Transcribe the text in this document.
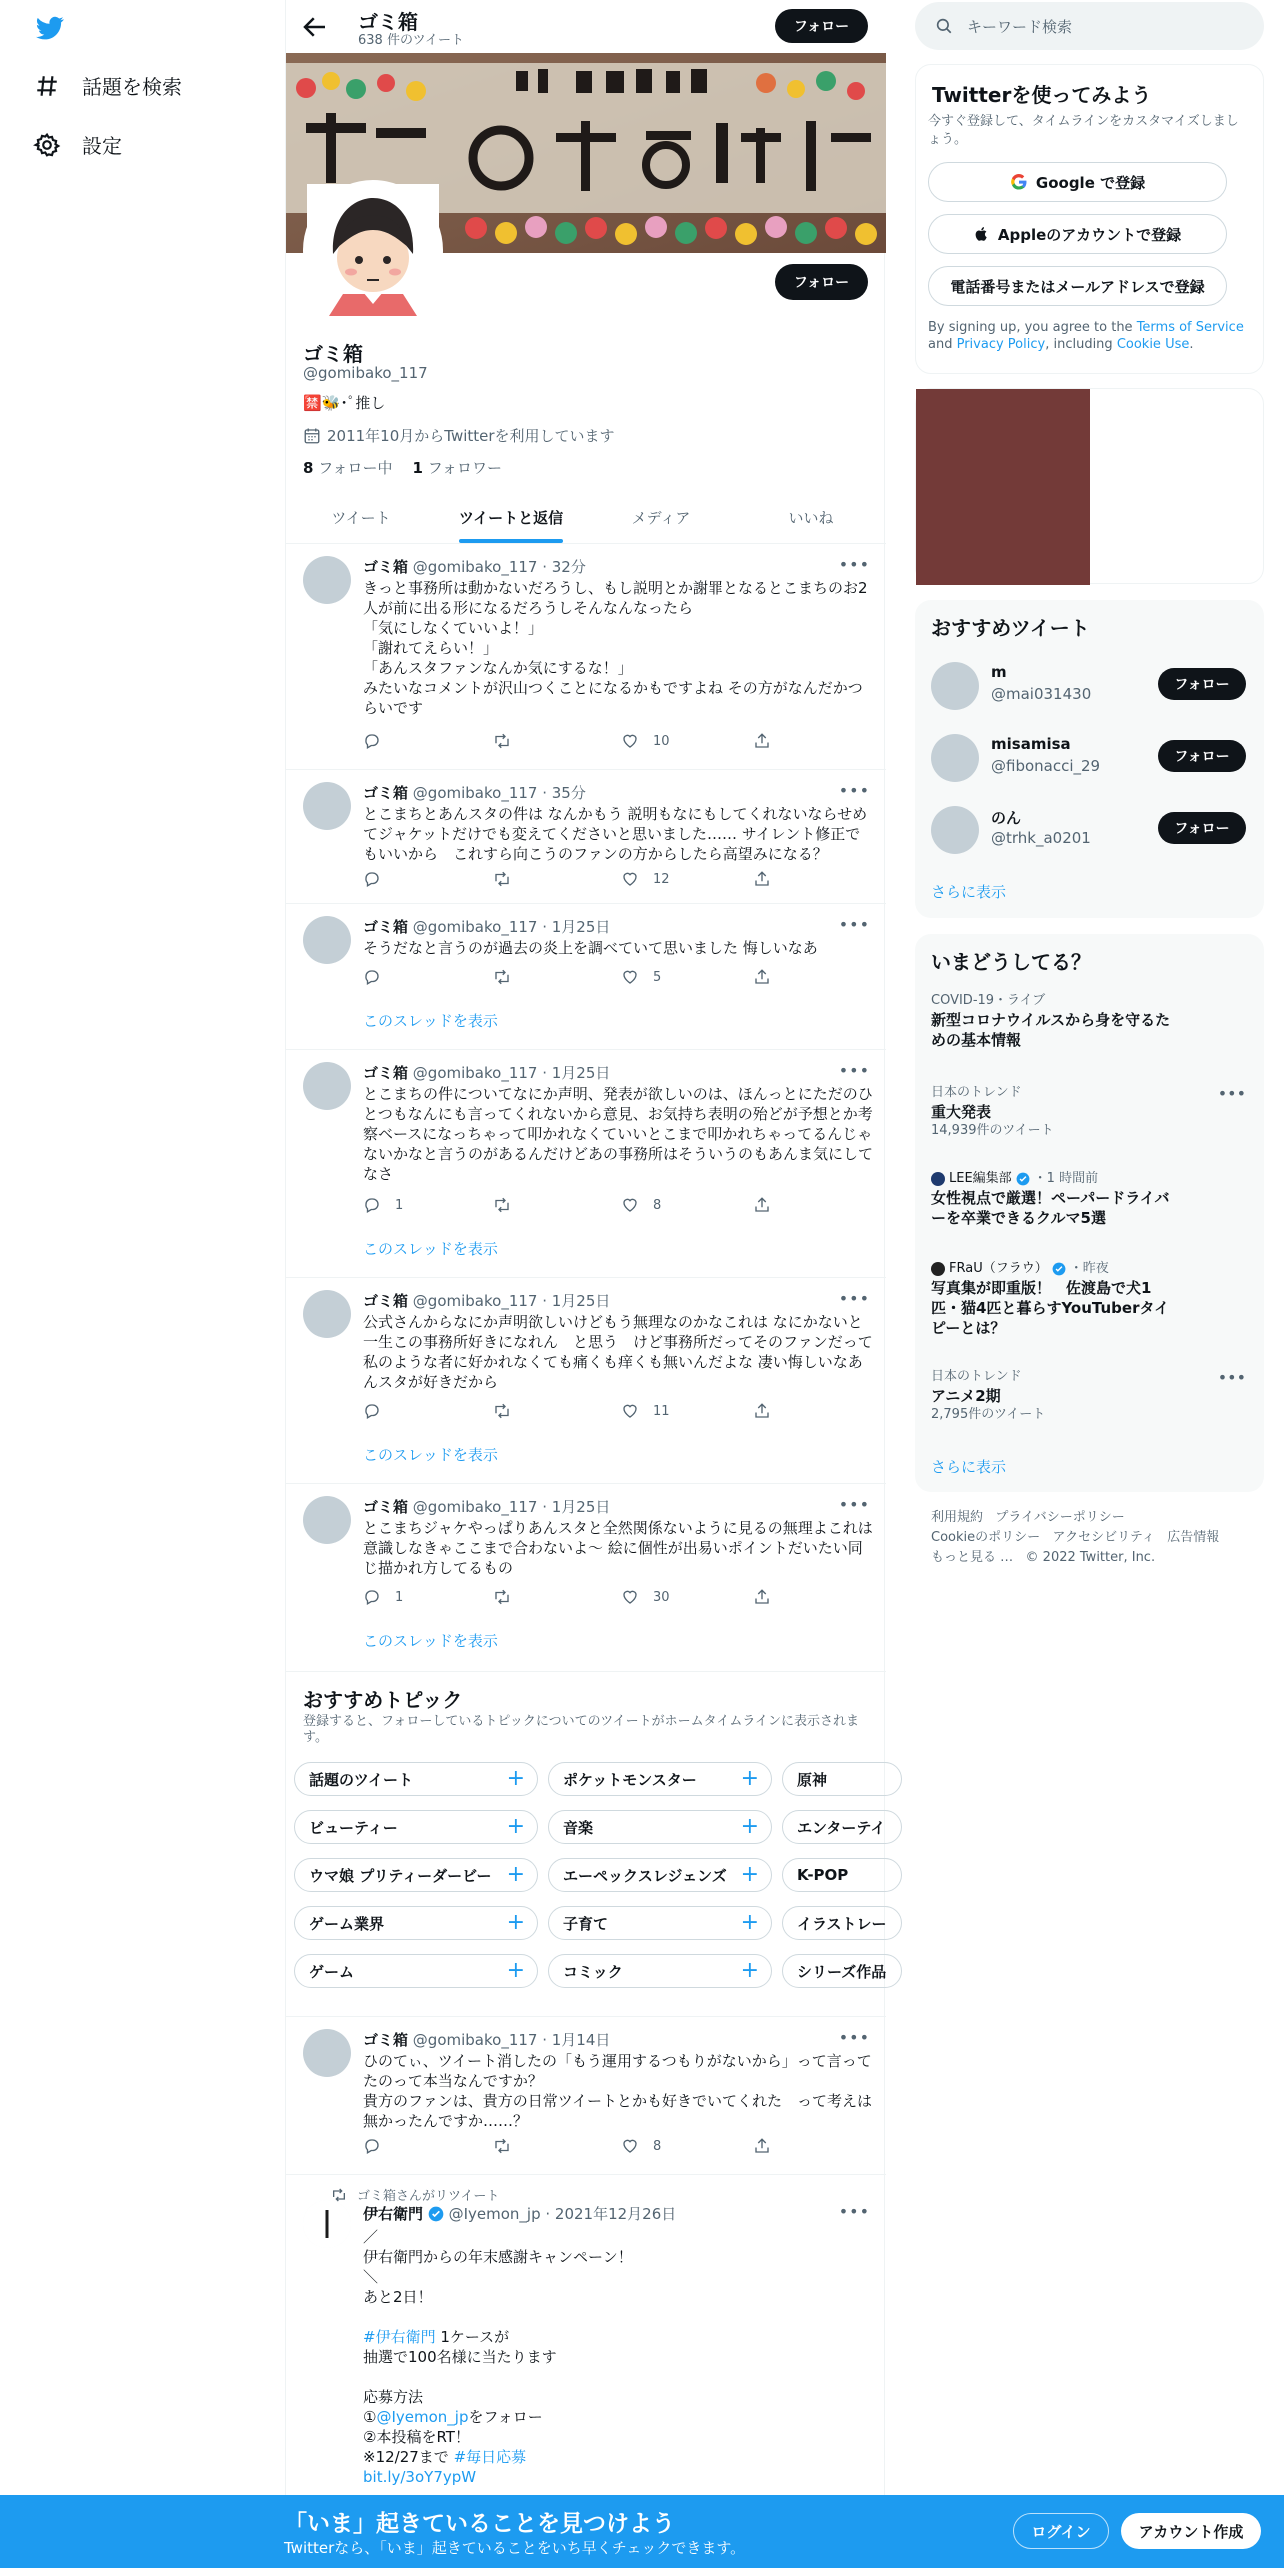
話題を検索
設定
ゴミ箱
638 件のツイート
フォロー
フォロー
ゴミ箱
@gomibako_117
🈲🐝･ﾟ推し
2011年10月からTwitterを利用しています
8 フォロー中 1 フォロワー
ツイート	ツイートと返信	メディア	いいね
ゴミ箱 @gomibako_117 · 32分	•••
きっと事務所は動かないだろうし、もし説明とか謝罪となるとこまちのお2人が前に出る形になるだろうしそんなんなったら
「気にしなくていいよ！」
「謝れてえらい！」
「あんスタファンなんか気にするな！」
みたいなコメントが沢山つくことになるかもですよね その方がなんだかつらいです
10
ゴミ箱 @gomibako_117 · 35分	•••
とこまちとあんスタの件は なんかもう 説明もなにもしてくれないならせめてジャケットだけでも変えてくださいと思いました…… サイレント修正でもいいから　これすら向こうのファンの方からしたら高望みになる？
12
ゴミ箱 @gomibako_117 · 1月25日	•••
そうだなと言うのが過去の炎上を調べていて思いました 悔しいなあ
5
このスレッドを表示
ゴミ箱 @gomibako_117 · 1月25日	•••
とこまちの件についてなにか声明、発表が欲しいのは、ほんっとにただのひとつもなんにも言ってくれないから意見、お気持ち表明の殆どが予想とか考察ベースになっちゃって叩かれなくていいとこまで叩かれちゃってるんじゃないかなと言うのがあるんだけどあの事務所はそういうのもあんま気にしてなさ
1	8
このスレッドを表示
ゴミ箱 @gomibako_117 · 1月25日	•••
公式さんからなにか声明欲しいけどもう無理なのかなこれは なにかないと一生この事務所好きになれん　と思う　けど事務所だってそのファンだって私のような者に好かれなくても痛くも痒くも無いんだよな 凄い悔しいなあんスタが好きだから
11
このスレッドを表示
ゴミ箱 @gomibako_117 · 1月25日	•••
とこまちジャケやっぱりあんスタと全然関係ないように見るの無理よこれは　意識しなきゃここまで合わないよ〜 絵に個性が出易いポイントだいたい同じ描かれ方してるもの
1	30
このスレッドを表示
ゴミ箱 @gomibako_117 · 1月14日	•••
ひのてぃ、ツイート消したの「もう運用するつもりがないから」って言ってたのって本当なんですか？
貴方のファンは、貴方の日常ツイートとかも好きでいてくれた　って考えは無かったんですか……？
8
おすすめトピック

登録すると、フォローしているトピックについてのツイートがホームタイムラインに表示されます。

話題のツイート	+	ポケットモンスター +	原神
ビューティー	+	音楽	+	エンターテイ
ウマ娘 プリティーダービー +	エーペックスレジェンズ +	K-POP
ゲーム業界	+	子育て	+	イラストレー
ゲーム	+	コミック	+	シリーズ作品
ゴミ箱さんがリツイート
伊右衛門 @Iyemon_jp · 2021年12月26日	•••
／
伊右衛門からの年末感謝キャンペーン！
＼
あと2日！

#伊右衛門 1ケースが
抽選で100名様に当たります

応募方法
①@Iyemon_jpをフォロー
②本投稿をRT！
※12/27まで #毎日応募
bit.ly/3oY7ypW
キーワード検索
Twitterを使ってみよう
今すぐ登録して、タイムラインをカスタマイズしましょう。
Google で登録
Appleのアカウントで登録
電話番号またはメールアドレスで登録
By signing up, you agree to the Terms of Service and Privacy Policy, including Cookie Use.
おすすめツイート
m
@mai031430	フォロー
misamisa
@fibonacci_29	フォロー
のん
@trhk_a0201	フォロー
さらに表示
いまどうしてる？
COVID-19・ライブ
新型コロナウイルスから身を守るための基本情報
日本のトレンド
重大発表
14,939件のツイート
•••
LEE編集部 ・1 時間前
女性視点で厳選！ペーパードライバーを卒業できるクルマ5選
FRaU（フラウ） ・昨夜
写真集が即重版！　佐渡島で犬1匹・猫4匹と暮らすYouTuberタイピーとは？
日本のトレンド
アニメ2期
2,795件のツイート
•••
さらに表示
利用規約 プライバシーポリシー
Cookieのポリシー アクセシビリティ 広告情報
もっと見る … © 2022 Twitter, Inc.
「いま」起きていることを見つけよう
Twitterなら、「いま」起きていることをいち早くチェックできます。
ログイン	アカウント作成
